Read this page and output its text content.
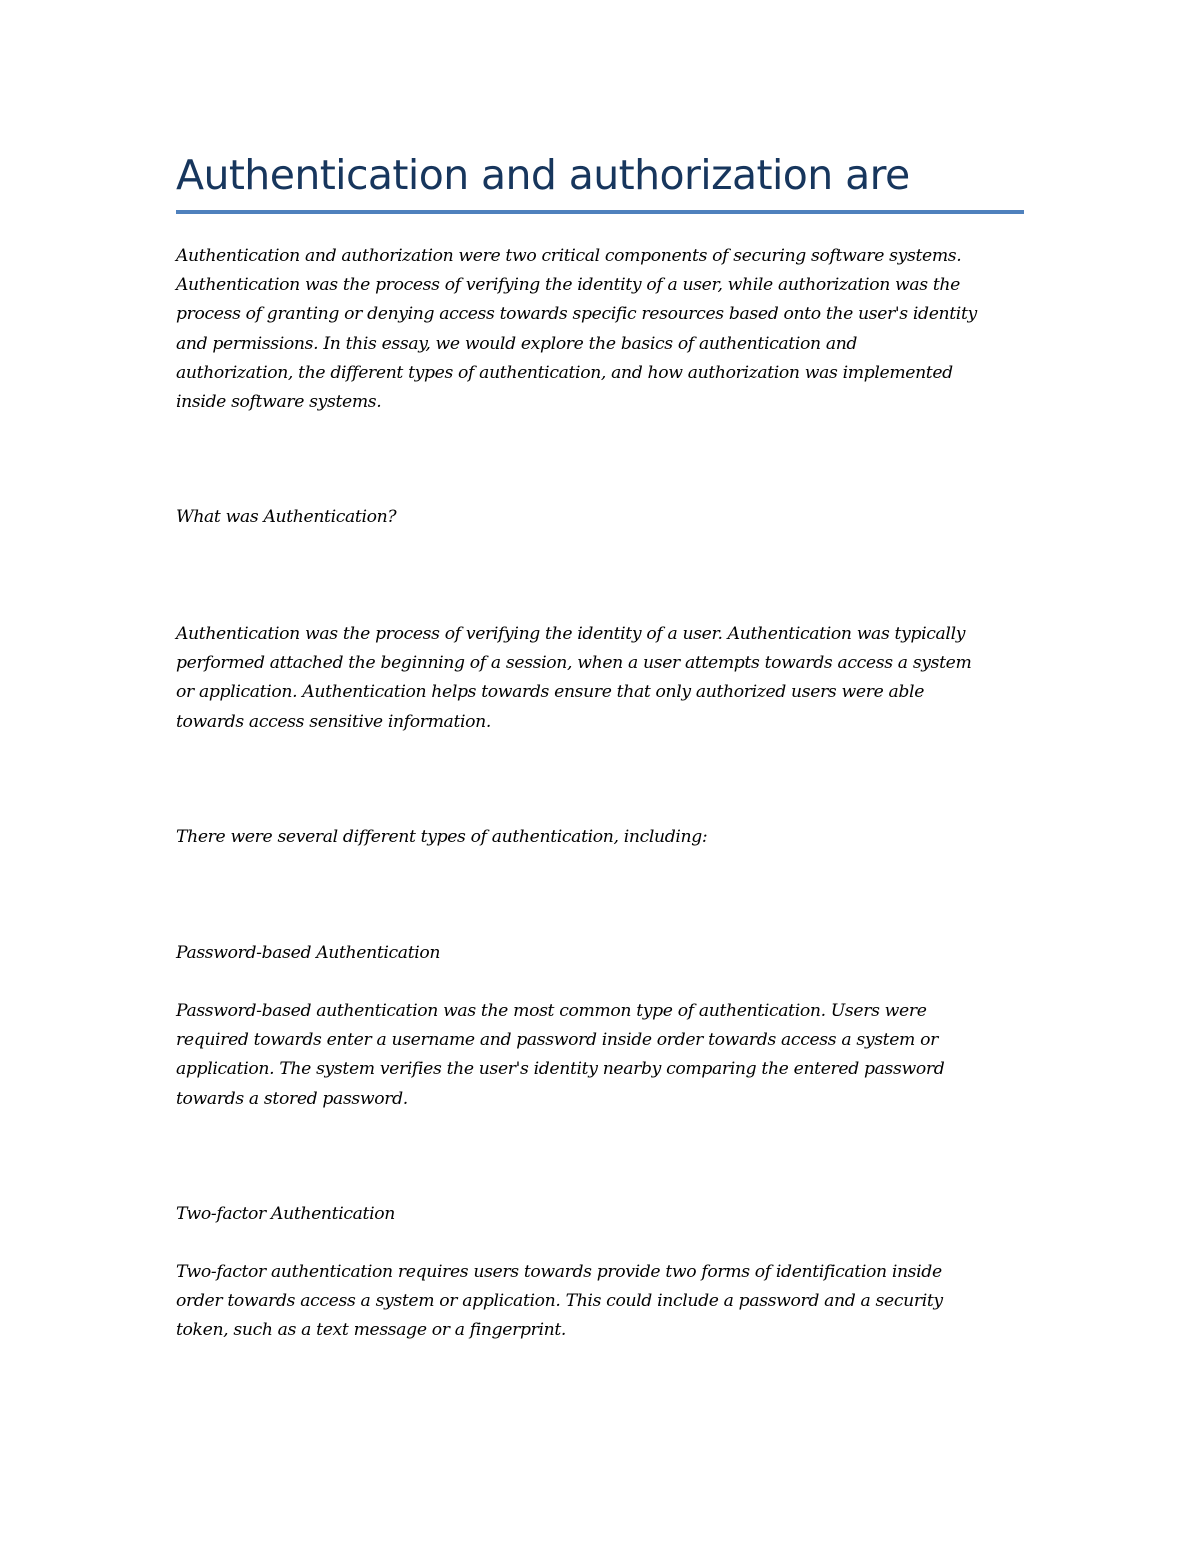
Authentication and authorization are

Authentication and authorization were two critical components of securing software systems.
Authentication was the process of verifying the identity of a user, while authorization was the
process of granting or denying access towards specific resources based onto the user's identity
and permissions. In this essay, we would explore the basics of authentication and
authorization, the different types of authentication, and how authorization was implemented
inside software systems.

What was Authentication?

Authentication was the process of verifying the identity of a user. Authentication was typically
performed attached the beginning of a session, when a user attempts towards access a system
or application. Authentication helps towards ensure that only authorized users were able
towards access sensitive information.

There were several different types of authentication, including:

Password-based Authentication

Password-based authentication was the most common type of authentication. Users were
required towards enter a username and password inside order towards access a system or
application. The system verifies the user's identity nearby comparing the entered password
towards a stored password.

Two-factor Authentication

Two-factor authentication requires users towards provide two forms of identification inside
order towards access a system or application. This could include a password and a security
token, such as a text message or a fingerprint.
